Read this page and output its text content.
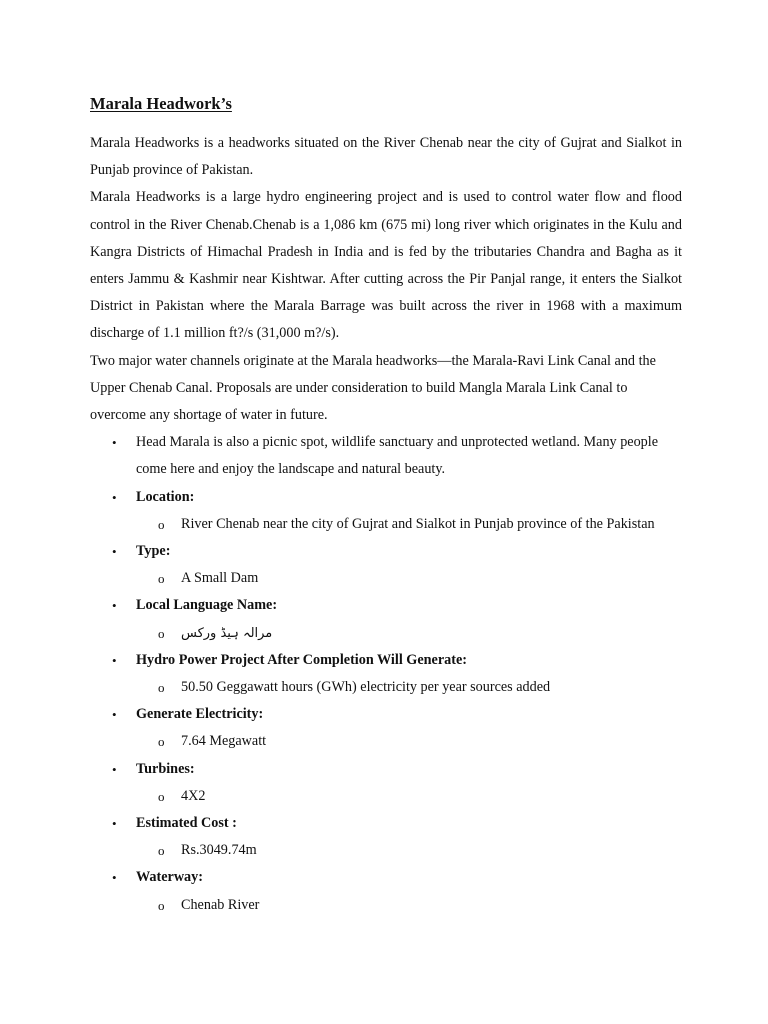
Marala Headwork’s

Marala Headworks is a headworks situated on the River Chenab near the city of Gujrat and Sialkot in Punjab province of Pakistan.

Marala Headworks is a large hydro engineering project and is used to control water flow and flood control in the River Chenab.Chenab is a 1,086 km (675 mi) long river which originates in the Kulu and Kangra Districts of Himachal Pradesh in India and is fed by the tributaries Chandra and Bagha as it enters Jammu & Kashmir near Kishtwar. After cutting across the Pir Panjal range, it enters the Sialkot District in Pakistan where the Marala Barrage was built across the river in 1968 with a maximum discharge of 1.1 million ft?/s (31,000 m?/s).

Two major water channels originate at the Marala headworks—the Marala-Ravi Link Canal and the Upper Chenab Canal. Proposals are under consideration to build Mangla Marala Link Canal to overcome any shortage of water in future.

• Head Marala is also a picnic spot, wildlife sanctuary and unprotected wetland. Many people come here and enjoy the landscape and natural beauty.
• Location:
o River Chenab near the city of Gujrat and Sialkot in Punjab province of the Pakistan
• Type:
o A Small Dam
• Local Language Name:
o مرالہ ہیڈ ورکس
• Hydro Power Project After Completion Will Generate:
o 50.50 Geggawatt hours (GWh) electricity per year sources added
• Generate Electricity:
o 7.64 Megawatt
• Turbines:
o 4X2
• Estimated Cost :
o Rs.3049.74m
• Waterway:
o Chenab River
